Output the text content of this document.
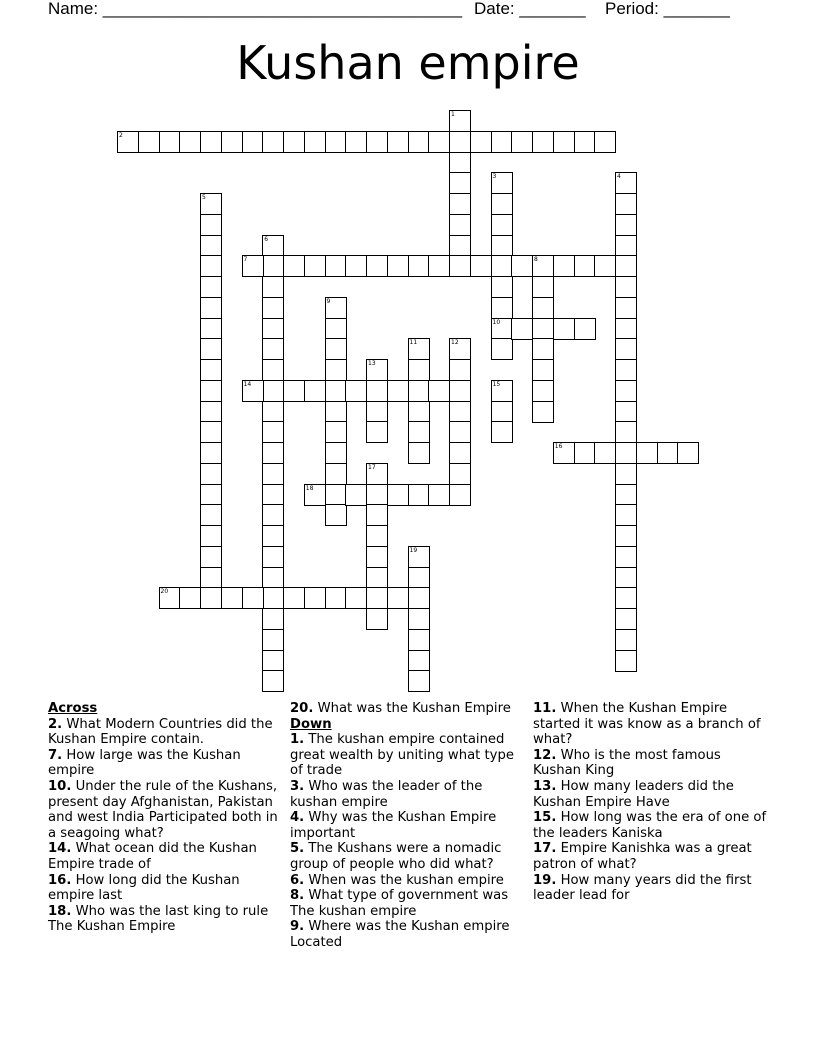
Name: ______________________________________ Date: _______ Period: _______
Kushan empire
1
2
3
10
4
5
6
7	8
9
11	12
13
14	15
16
17
18
19
20
Across
2. What Modern Countries did the Kushan Empire contain.
7. How large was the Kushan empire
10. Under the rule of the Kushans, present day Afghanistan, Pakistan and west India Participated both in a seagoing what?
14. What ocean did the Kushan Empire trade of
16. How long did the Kushan empire last
18. Who was the last king to rule The Kushan Empire
20. What was the Kushan Empire
Down
1. The kushan empire contained great wealth by uniting what type of trade
3. Who was the leader of the kushan empire
4. Why was the Kushan Empire important
5. The Kushans were a nomadic group of people who did what?
6. When was the kushan empire
8. What type of government was The kushan empire
9. Where was the Kushan empire Located
11. When the Kushan Empire started it was know as a branch of what?
12. Who is the most famous Kushan King
13. How many leaders did the Kushan Empire Have
15. How long was the era of one of the leaders Kaniska
17. Empire Kanishka was a great patron of what?
19. How many years did the first leader lead for
